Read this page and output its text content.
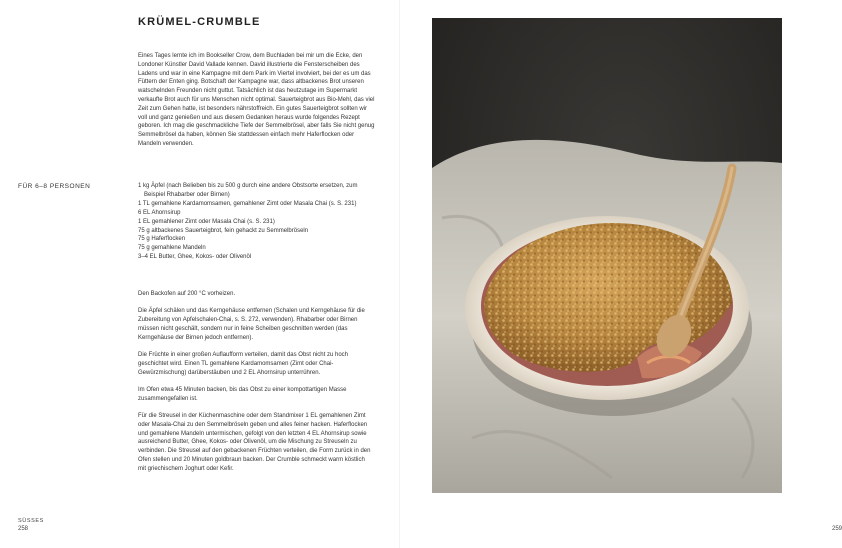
KRÜMEL-CRUMBLE

Eines Tages lernte ich im Bookseller Crow, dem Buchladen bei mir um die Ecke, den Londoner Künstler David Vallade kennen. David illustrierte die Fensterscheiben des Ladens und war in eine Kampagne mit dem Park im Viertel involviert, bei der es um das Füttern der Enten ging. Botschaft der Kampagne war, dass altbackenes Brot unseren watschelnden Freunden nicht guttut. Tatsächlich ist das heutzutage im Supermarkt verkaufte Brot auch für uns Menschen nicht optimal. Sauerteigbrot aus Bio-Mehl, das viel Zeit zum Gehen hatte, ist besonders nährstoffreich. Ein gutes Sauerteigbrot sollten wir voll und ganz genießen und aus diesem Gedanken heraus wurde folgendes Rezept geboren. Ich mag die geschmackliche Tiefe der Semmelbrösel, aber falls Sie nicht genug Semmelbrösel da haben, können Sie stattdessen einfach mehr Haferflocken oder Mandeln verwenden.

FÜR 6–8 PERSONEN	1 kg Äpfel (nach Belieben bis zu 500 g durch eine andere Obstsorte ersetzen, zum Beispiel Rhabarber oder Birnen)
1 TL gemahlene Kardamomsamen, gemahlener Zimt oder Masala Chai (s. S. 231)
6 EL Ahornsirup
1 EL gemahlener Zimt oder Masala Chai (s. S. 231)
75 g altbackenes Sauerteigbrot, fein gehackt zu Semmelbröseln
75 g Haferflocken
75 g gemahlene Mandeln
3–4 EL Butter, Ghee, Kokos- oder Olivenöl

Den Backofen auf 200 °C vorheizen.

Die Äpfel schälen und das Kerngehäuse entfernen (Schalen und Kerngehäuse für die Zubereitung von Apfelschalen-Chai, s. S. 272, verwenden). Rhabarber oder Birnen müssen nicht geschält, sondern nur in feine Scheiben geschnitten werden (das Kerngehäuse der Birnen jedoch entfernen).

Die Früchte in einer großen Auflaufform verteilen, damit das Obst nicht zu hoch geschichtet wird. Einen TL gemahlene Kardamomsamen (Zimt oder Chai-Gewürzmischung) darüberstäuben und 2 EL Ahornsirup unterrühren.

Im Ofen etwa 45 Minuten backen, bis das Obst zu einer kompottartigen Masse zusammengefallen ist.

Für die Streusel in der Küchenmaschine oder dem Standmixer 1 EL gemahlenen Zimt oder Masala-Chai zu den Semmelbröseln geben und alles feiner hacken. Haferflocken und gemahlene Mandeln untermischen, gefolgt von den letzten 4 EL Ahornsirup sowie ausreichend Butter, Ghee, Kokos- oder Olivenöl, um die Mischung zu Streuseln zu verbinden. Die Streusel auf den gebackenen Früchten verteilen, die Form zurück in den Ofen stellen und 20 Minuten goldbraun backen. Der Crumble schmeckt warm köstlich mit griechischem Joghurt oder Kefir.

SÜSSES

258	259
